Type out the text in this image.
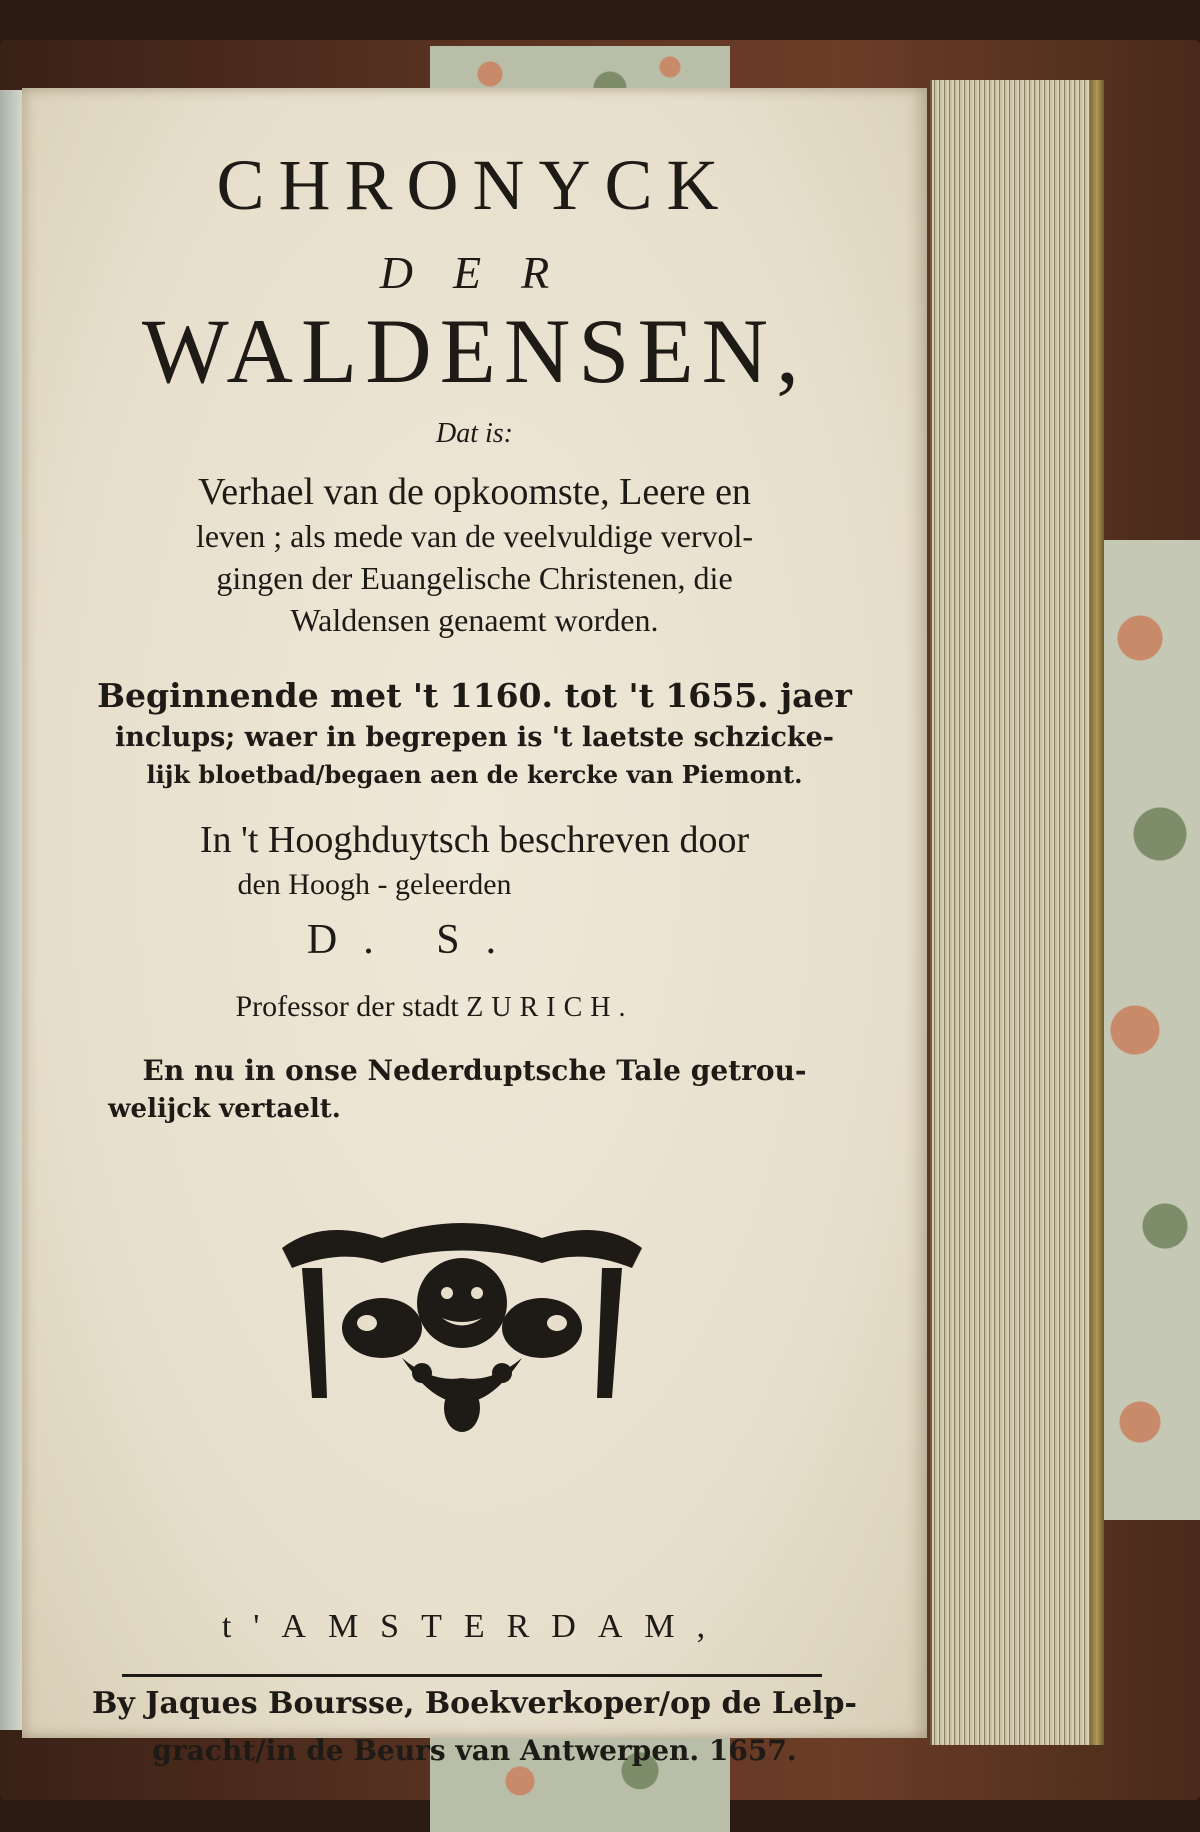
CHRONYCK
DER
WALDENSEN,
Dat is:
Verhael van de opkoomste, Leere en
leven ; als mede van de veelvuldige vervol-
gingen der Euangelische Christenen, die
Waldensen genaemt worden.
Beginnende met 't 1160. tot 't 1655. jaer
inclups; waer in begrepen is 't laetste schzicke-
lijk bloetbad/begaen aen de kercke van Piemont.
In 't Hooghduytsch beschreven door
den Hoogh - geleerden
D. S.
Professor der stadt ZURICH.
En nu in onse Nederduptsche Tale getrou-
welijck vertaelt.
t'AMSTERDAM,
By Jaques Boursse, Boekverkoper/op de Lelp-
gracht/in de Beurs van Antwerpen. 1657.
